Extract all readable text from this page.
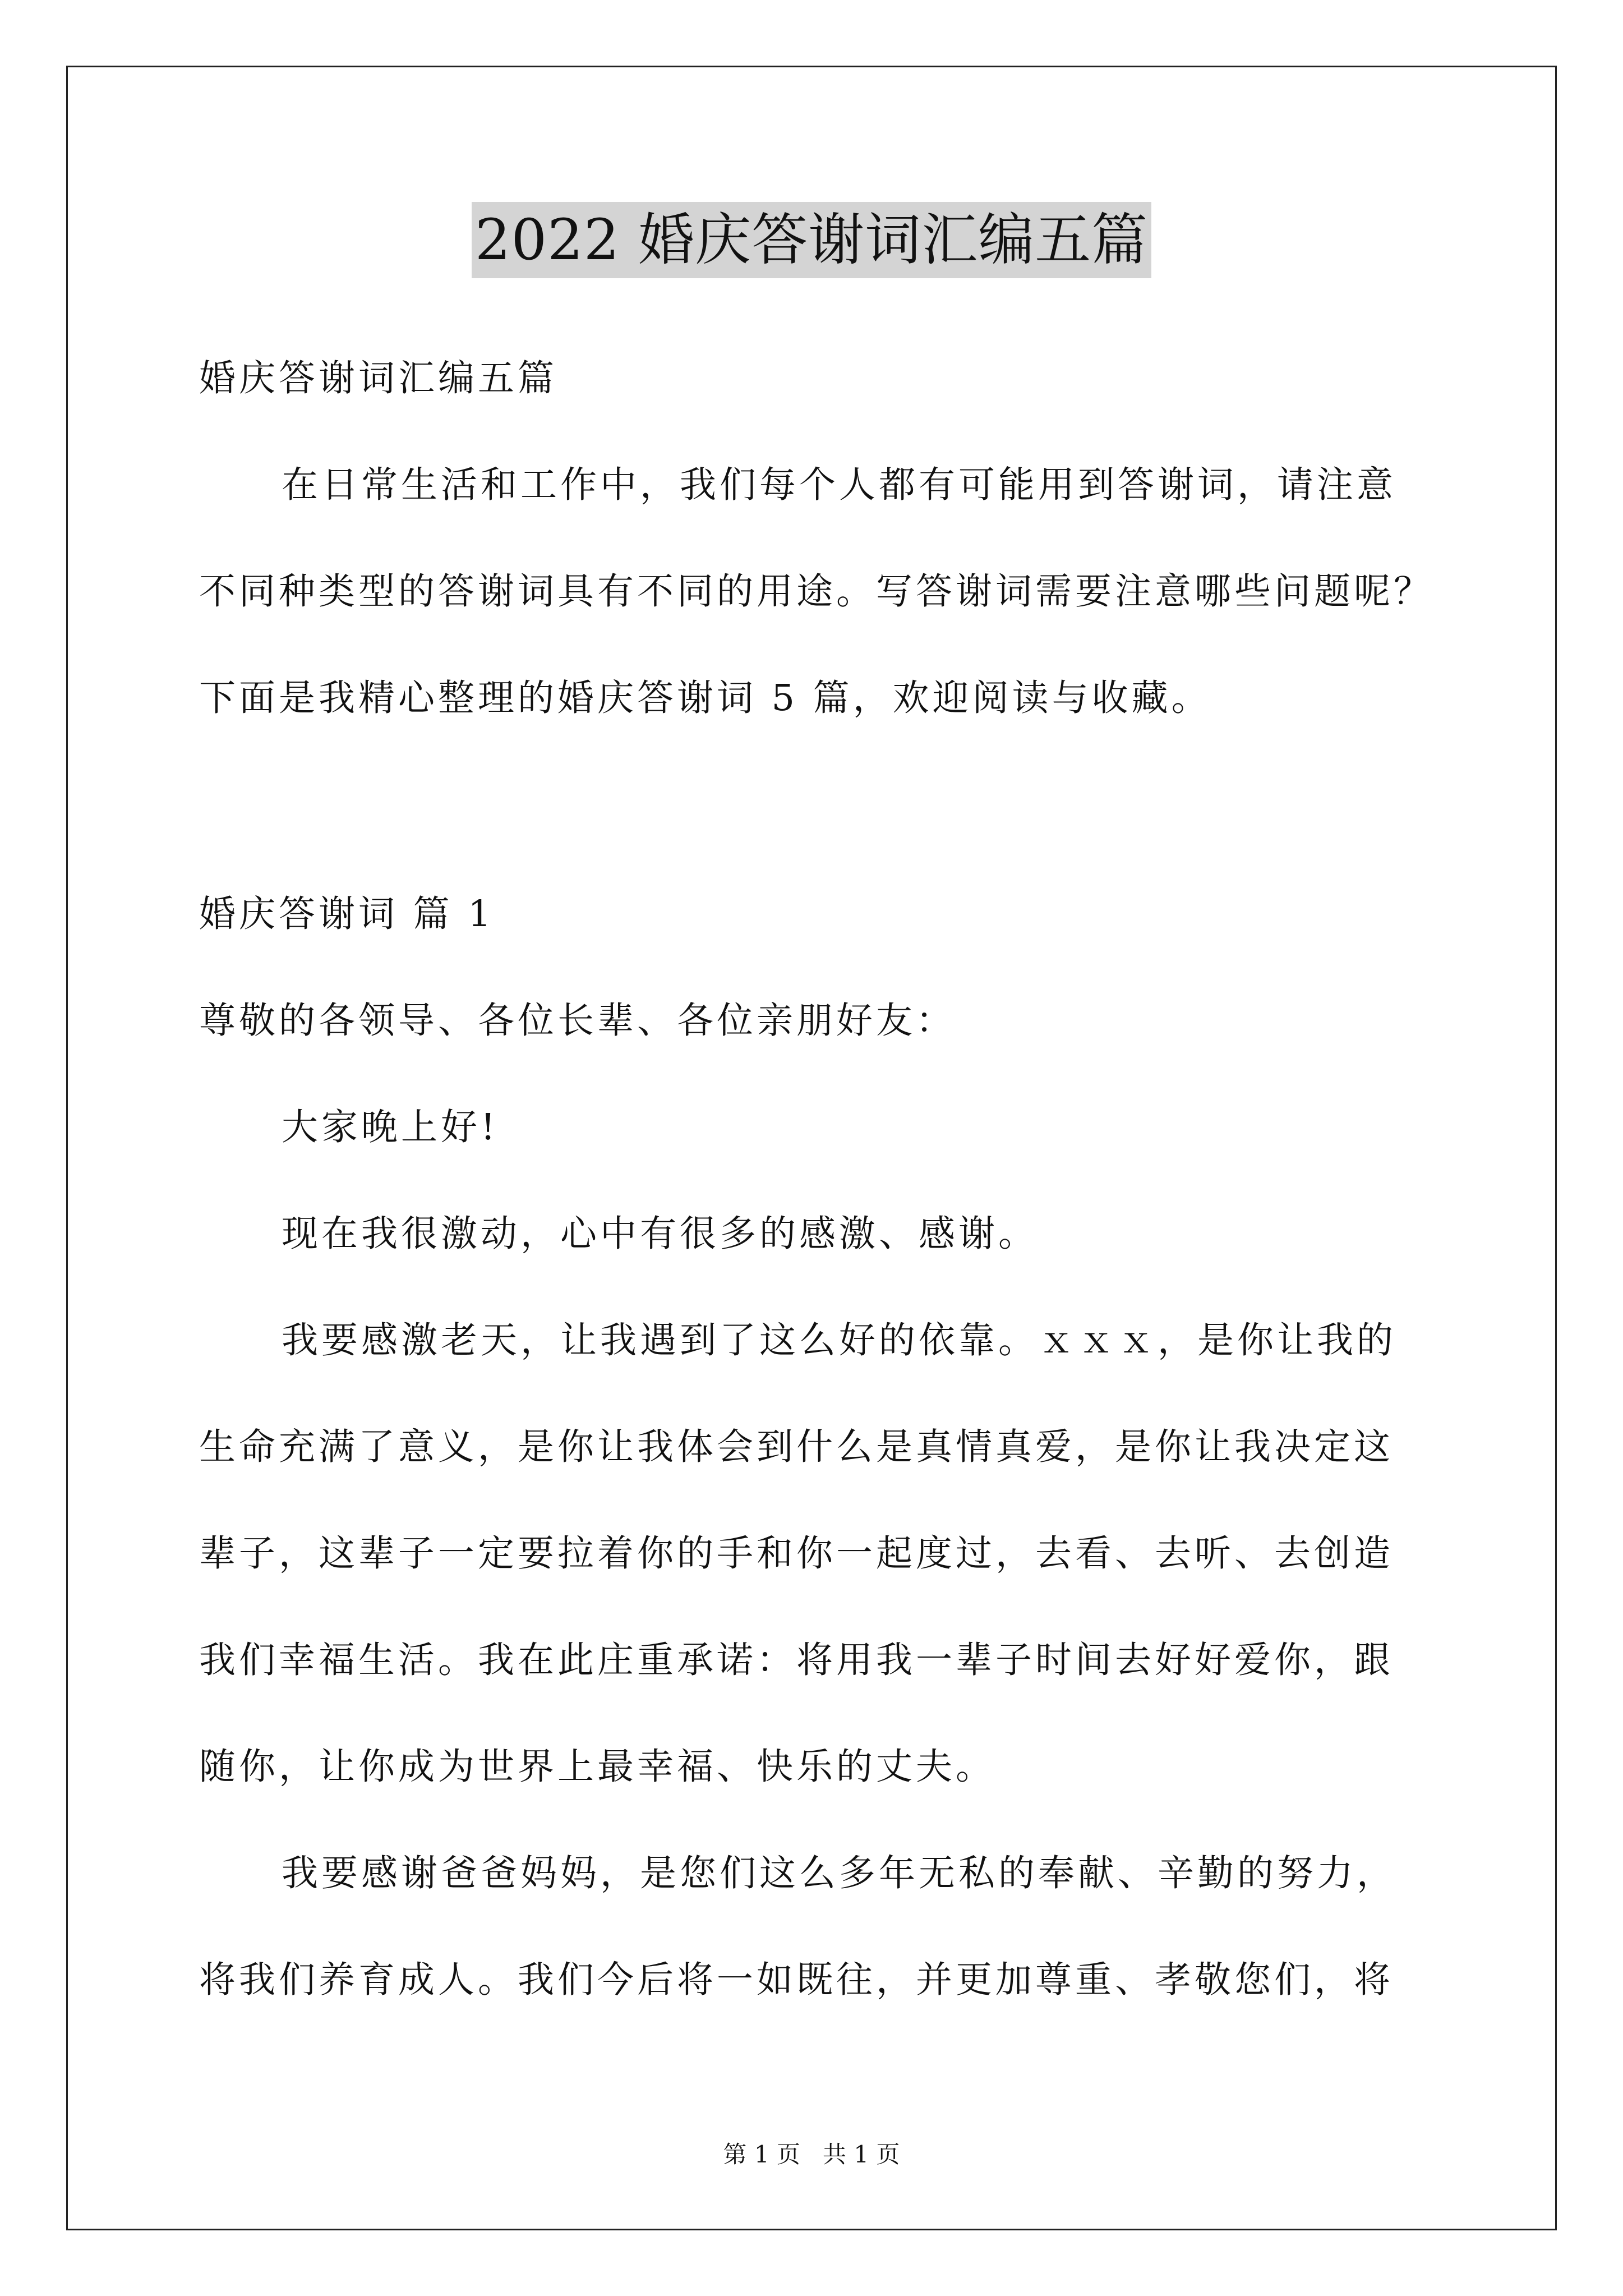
2022 婚庆答谢词汇编五篇
婚庆答谢词汇编五篇
在日常生活和工作中，我们每个人都有可能用到答谢词，请注意
不同种类型的答谢词具有不同的用途。写答谢词需要注意哪些问题呢？
下面是我精心整理的婚庆答谢词 5 篇，欢迎阅读与收藏。
婚庆答谢词 篇 1
尊敬的各领导、各位长辈、各位亲朋好友：
大家晚上好!
现在我很激动，心中有很多的感激、感谢。
我要感激老天，让我遇到了这么好的依靠。ｘｘｘ，是你让我的
生命充满了意义，是你让我体会到什么是真情真爱，是你让我决定这
辈子，这辈子一定要拉着你的手和你一起度过，去看、去听、去创造
我们幸福生活。我在此庄重承诺：将用我一辈子时间去好好爱你，跟
随你，让你成为世界上最幸福、快乐的丈夫。
我要感谢爸爸妈妈，是您们这么多年无私的奉献、辛勤的努力，
将我们养育成人。我们今后将一如既往，并更加尊重、孝敬您们，将
第 1 页   共 1 页
